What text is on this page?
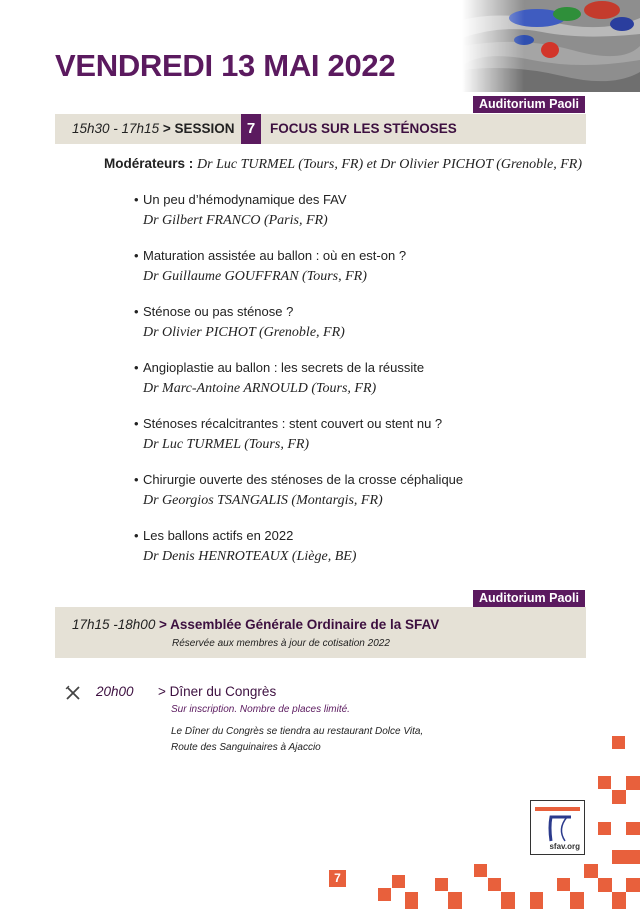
VENDREDI 13 MAI 2022
Auditorium Paoli
15h30 - 17h15 > SESSION 7	FOCUS SUR LES STÉNOSES
Modérateurs : Dr Luc TURMEL (Tours, FR) et Dr Olivier PICHOT (Grenoble, FR)
• Un peu d’hémodynamique des FAV
Dr Gilbert FRANCO (Paris, FR)
• Maturation assistée au ballon : où en est-on ?
Dr Guillaume GOUFFRAN (Tours, FR)
• Sténose ou pas sténose ?
Dr Olivier PICHOT (Grenoble, FR)
• Angioplastie au ballon : les secrets de la réussite
Dr Marc-Antoine ARNOULD (Tours, FR)
• Sténoses récalcitrantes : stent couvert ou stent nu ?
Dr Luc TURMEL (Tours, FR)
• Chirurgie ouverte des sténoses de la crosse céphalique
Dr Georgios TSANGALIS (Montargis, FR)
• Les ballons actifs en 2022
Dr Denis HENROTEAUX (Liège, BE)
Auditorium Paoli
17h15 -18h00 > Assemblée Générale Ordinaire de la SFAV
Réservée aux membres à jour de cotisation 2022
20h00 > Dîner du Congrès
Sur inscription. Nombre de places limité.
Le Dîner du Congrès se tiendra au restaurant Dolce Vita,
Route des Sanguinaires à Ajaccio
sfav.org
7
